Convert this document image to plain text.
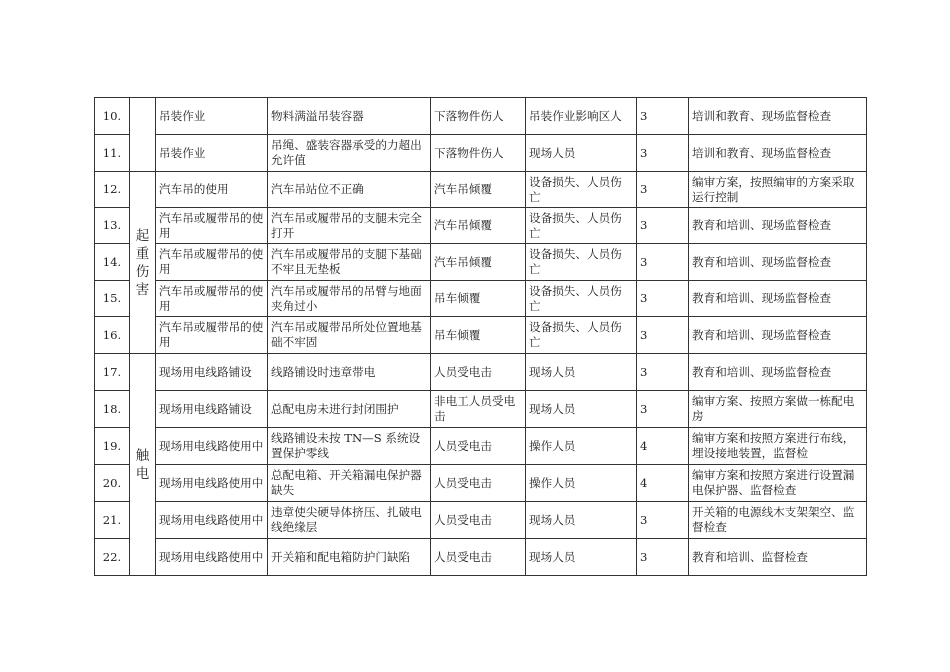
10.		吊装作业	物料满溢吊装容器	下落物件伤人	吊装作业影响区人	3	培训和教育、现场监督检查
11.		吊装作业	吊绳、盛装容器承受的力超出允许值	下落物件伤人	现场人员	3	培训和教育、现场监督检查
12.	起重伤害	汽车吊的使用	汽车吊站位不正确	汽车吊倾覆	设备损失、人员伤亡	3	编审方案，按照编审的方案采取运行控制
13.		汽车吊或履带吊的使用	汽车吊或履带吊的支腿未完全打开	汽车吊倾覆	设备损失、人员伤亡	3	教育和培训、现场监督检查
14.		汽车吊或履带吊的使用	汽车吊或履带吊的支腿下基础不牢且无垫板	汽车吊倾覆	设备损失、人员伤亡	3	教育和培训、现场监督检查
15.		汽车吊或履带吊的使用	汽车吊或履带吊的吊臂与地面夹角过小	吊车倾覆	设备损失、人员伤亡	3	教育和培训、现场监督检查
16.		汽车吊或履带吊的使用	汽车吊或履带吊所处位置地基础不牢固	吊车倾覆	设备损失、人员伤亡	3	教育和培训、现场监督检查
17.	触电	现场用电线路铺设	线路铺设时违章带电	人员受电击	现场人员	3	教育和培训、现场监督检查
18.		现场用电线路铺设	总配电房未进行封闭围护	非电工人员受电击	现场人员	3	编审方案、按照方案做一栋配电房
19.		现场用电线路使用中	线路铺设未按 TN—S 系统设置保护零线	人员受电击	操作人员	4	编审方案和按照方案进行布线，埋设接地装置，监督检
20.		现场用电线路使用中	总配电箱、开关箱漏电保护器缺失	人员受电击	操作人员	4	编审方案和按照方案进行设置漏电保护器、监督检查
21.		现场用电线路使用中	违章使尖硬导体挤压、扎破电线绝缘层	人员受电击	现场人员	3	开关箱的电源线木支架架空、监督检查
22.		现场用电线路使用中	开关箱和配电箱防护门缺陷	人员受电击	现场人员	3	教育和培训、监督检查
